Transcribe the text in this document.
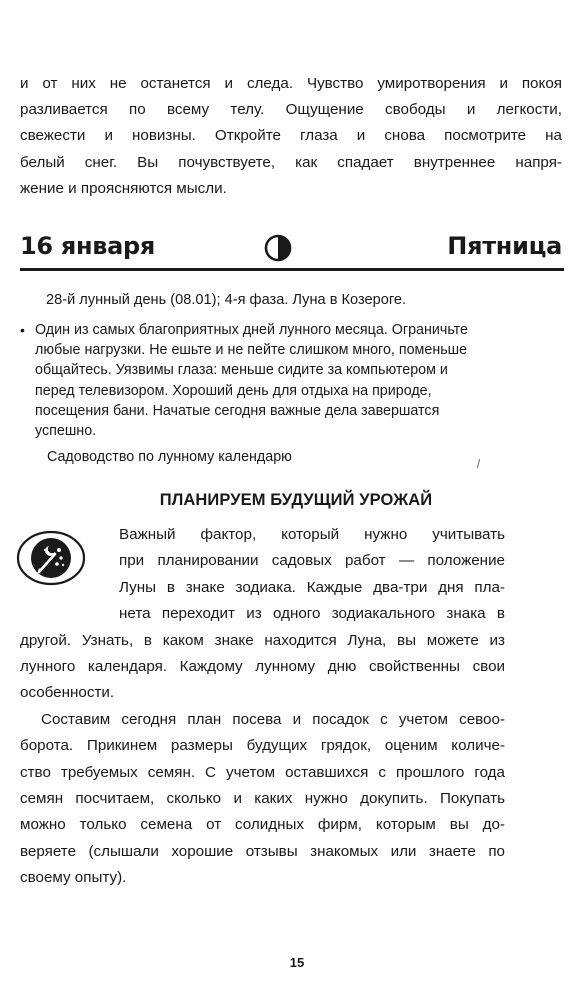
и от них не останется и следа. Чувство умиротворения и покоя
разливается по всему телу. Ощущение свободы и легкости,
свежести и новизны. Откройте глаза и снова посмотрите на
белый снег. Вы почувствуете, как спадает внутреннее напря-
жение и проясняются мысли.
16 января	Пятница
28-й лунный день (08.01); 4-я фаза. Луна в Козероге.
• Один из самых благоприятных дней лунного месяца. Ограничьте
любые нагрузки. Не ешьте и не пейте слишком много, поменьше
общайтесь. Уязвимы глаза: меньше сидите за компьютером и
перед телевизором. Хороший день для отдыха на природе,
посещения бани. Начатые сегодня важные дела завершатся
успешно.
Садоводство по лунному календарю
ПЛАНИРУЕМ БУДУЩИЙ УРОЖАЙ
Важный фактор, который нужно учитывать
при планировании садовых работ — положение
Луны в знаке зодиака. Каждые два-три дня пла-
нета переходит из одного зодиакального знака в
другой. Узнать, в каком знаке находится Луна, вы можете из
лунного календаря. Каждому лунному дню свойственны свои
особенности.
Составим сегодня план посева и посадок с учетом севоо-
борота. Прикинем размеры будущих грядок, оценим количе-
ство требуемых семян. С учетом оставшихся с прошлого года
семян посчитаем, сколько и каких нужно докупить. Покупать
можно только семена от солидных фирм, которым вы до-
веряете (слышали хорошие отзывы знакомых или знаете по
своему опыту).
15
